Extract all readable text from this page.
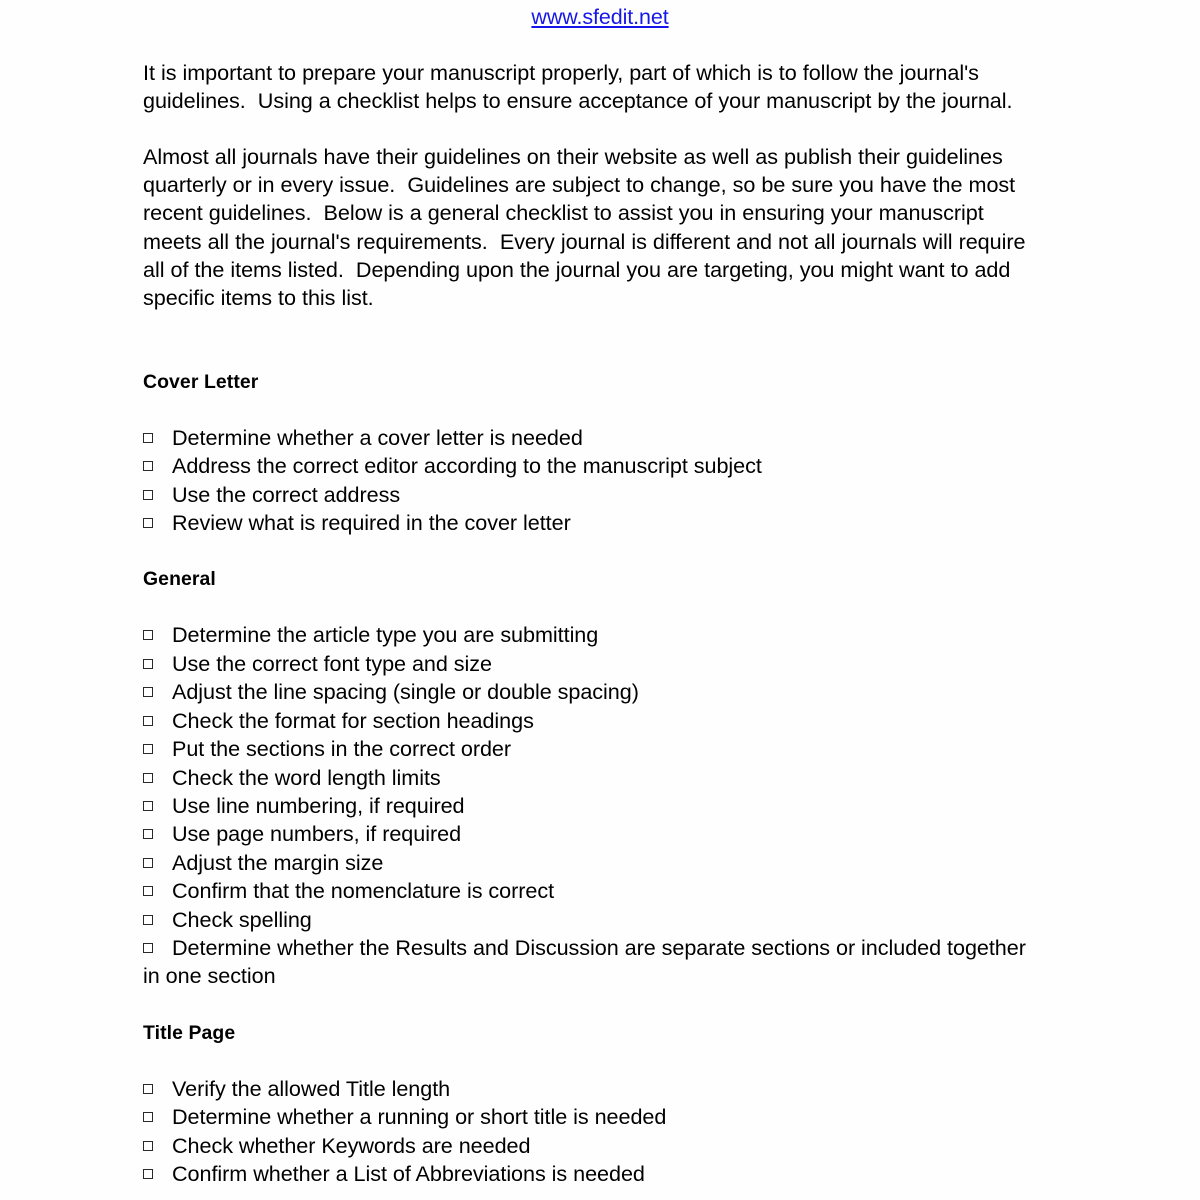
www.sfedit.net

It is important to prepare your manuscript properly, part of which is to follow the journal's guidelines.  Using a checklist helps to ensure acceptance of your manuscript by the journal.

Almost all journals have their guidelines on their website as well as publish their guidelines quarterly or in every issue.  Guidelines are subject to change, so be sure you have the most recent guidelines.  Below is a general checklist to assist you in ensuring your manuscript meets all the journal's requirements.  Every journal is different and not all journals will require all of the items listed.  Depending upon the journal you are targeting, you might want to add specific items to this list.

Cover Letter
Determine whether a cover letter is needed
Address the correct editor according to the manuscript subject
Use the correct address
Review what is required in the cover letter
General
Determine the article type you are submitting
Use the correct font type and size
Adjust the line spacing (single or double spacing)
Check the format for section headings
Put the sections in the correct order
Check the word length limits
Use line numbering, if required
Use page numbers, if required
Adjust the margin size
Confirm that the nomenclature is correct
Check spelling
Determine whether the Results and Discussion are separate sections or included together in one section
Title Page
Verify the allowed Title length
Determine whether a running or short title is needed
Check whether Keywords are needed
Confirm whether a List of Abbreviations is needed
